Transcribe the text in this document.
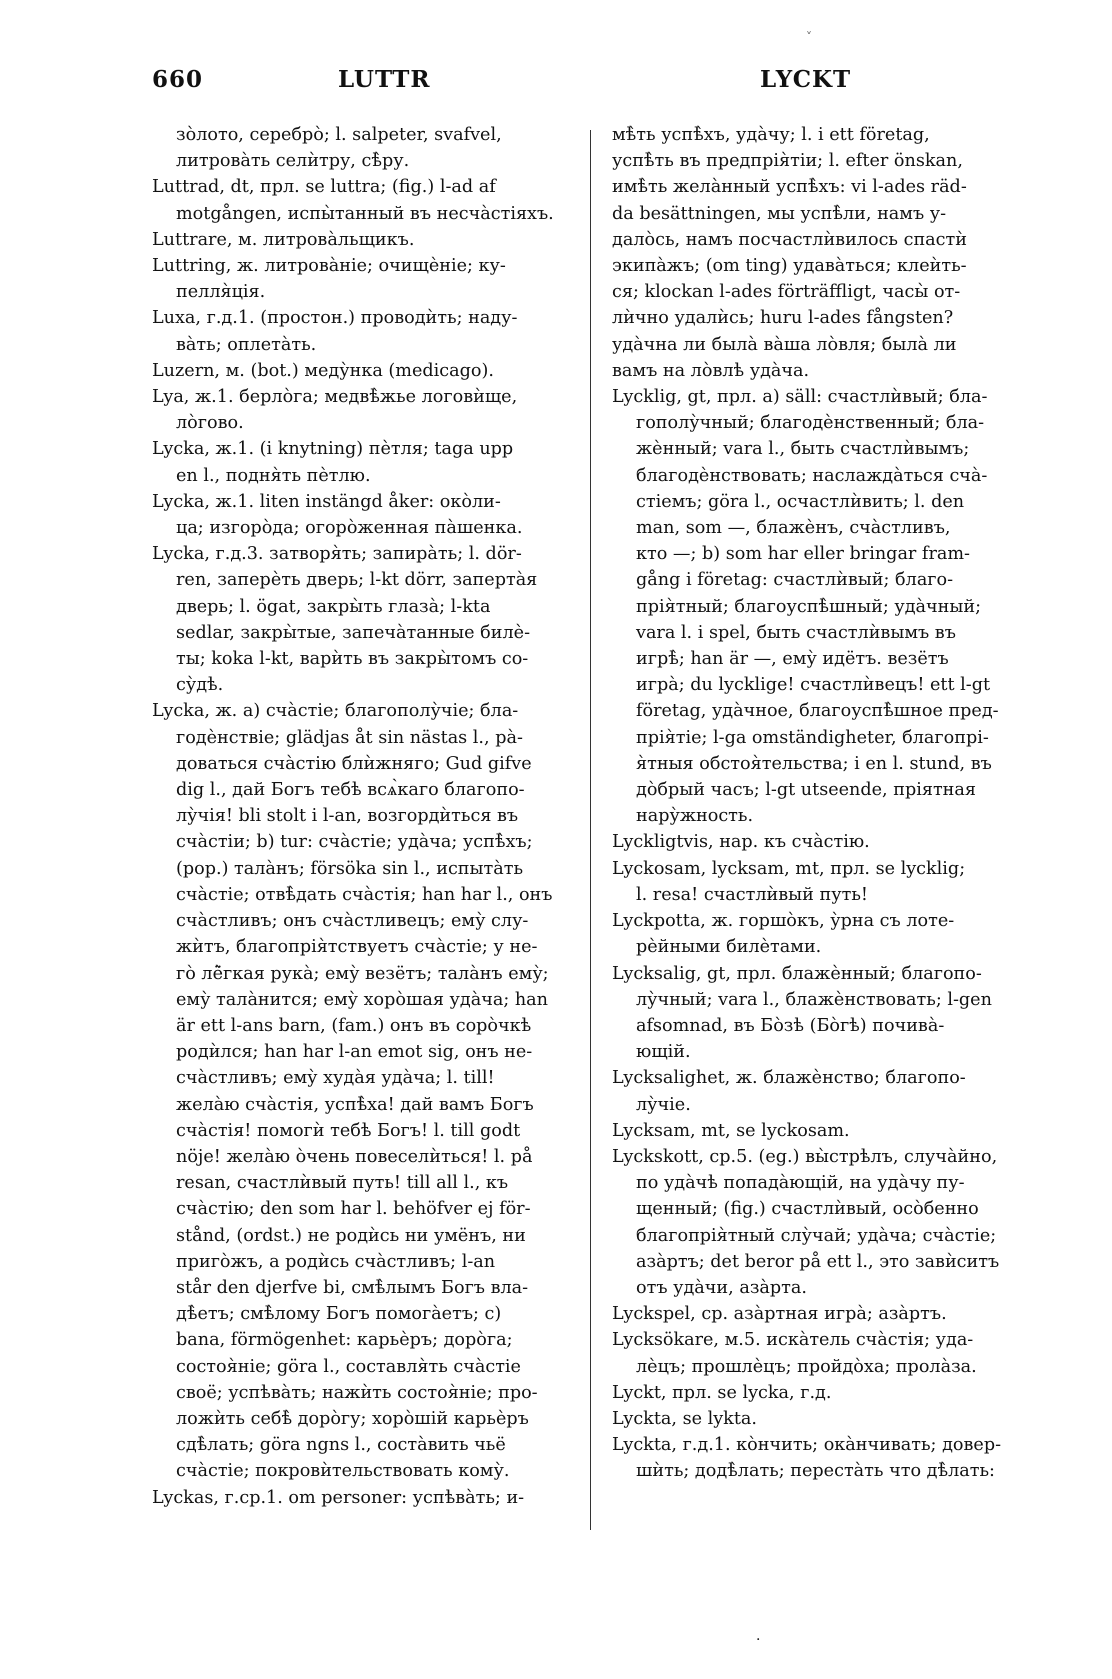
˅
660	LUTTR	LYCKT
зо̀лото, серебро̀; l. salpeter, svafvel,
литрова̀ть селѝтру, сѣ̀ру.
Luttrad, dt, прл. se luttra; (fig.) l-ad af
motgången, испы̀танный въ несча̀стіяхъ.
Luttrare, м. литрова̀льщикъ.
Luttring, ж. литрова̀ніе; очищѐніе; ку-
пелля̀ція.
Luxa, г.д.1. (простон.) проводѝть; наду-
ва̀ть; оплета̀ть.
Luzern, м. (bot.) меду̀нка (medicago).
Lya, ж.1. берло̀га; медвѣ̀жье логовѝще,
ло̀гово.
Lycka, ж.1. (i knytning) пѐтля; taga upp
en l., подня̀ть пѐтлю.
Lycka, ж.1. liten instängd åker: око̀ли-
ца; изгоро̀да; огоро̀женная па̀шенка.
Lycka, г.д.3. затворя̀ть; запира̀ть; l. dör-
ren, заперѐть дверь; l-kt dörr, заперта̀я
дверь; l. ögat, закры̀ть глаза̀; l-kta
sedlar, закры̀тые, запеча̀танные билѐ-
ты; koka l-kt, варѝть въ закры̀томъ со-
су̀дѣ.
Lycka, ж. a) сча̀стіе; благополу̀чіе; бла-
годѐнствіе; glädjas åt sin nästas l., ра̀-
доваться сча̀стію блѝжняго; Gud gifve
dig l., дай Богъ тебѣ всѧ̀каго благопо-
лу̀чія! bli stolt i l-an, возгордѝться въ
сча̀стіи; b) tur: сча̀стіе; уда̀ча; успѣ̀хъ;
(pop.) тала̀нъ; försöka sin l., испыта̀ть
сча̀стіе; отвѣ̀дать сча̀стія; han har l., онъ
сча̀стливъ; онъ сча̀стливецъ; ему̀ слу-
жѝтъ, благопрія̀тствуетъ сча̀стіе; у не-
го̀ лё̀гкая рука̀; ему̀ везётъ; тала̀нъ ему̀;
ему̀ тала̀нится; ему̀ хоро̀шая уда̀ча; han
är ett l-ans barn, (fam.) онъ въ соро̀чкѣ
родѝлся; han har l-an emot sig, онъ не-
сча̀стливъ; ему̀ худа̀я уда̀ча; l. till!
жела̀ю сча̀стія, успѣ̀ха! дай вамъ Богъ
сча̀стія! помогѝ тебѣ Богъ! l. till godt
nöje! жела̀ю о̀чень повеселѝться! l. på
resan, счастлѝвый путь! till all l., къ
сча̀стію; den som har l. behöfver ej för-
stånd, (ordst.) не родѝсь ни умёнъ, ни
приго̀жъ, а родѝсь сча̀стливъ; l-an
står den djerfve bi, смѣ̀лымъ Богъ вла-
дѣ̀етъ; смѣ̀лому Богъ помога̀етъ; c)
bana, förmögenhet: карьѐръ; доро̀га;
состоя̀ніе; göra l., составля̀ть сча̀стіе
своё; успѣва̀ть; нажѝть состоя̀ніе; про-
ложѝть себѣ̀ доро̀гу; хоро̀шій карьѐръ
сдѣ̀лать; göra ngns l., соста̀вить чьё
сча̀стіе; покровѝтельствовать кому̀.
Lyckas, г.ср.1. om personer: успѣва̀ть; и-
мѣ̀ть успѣ̀хъ, уда̀чу; l. i ett företag,
успѣ̀ть въ предпрія̀тіи; l. efter önskan,
имѣ̀ть жела̀нный успѣ̀хъ: vi l-ades räd-
da besättningen, мы успѣ̀ли, намъ у-
дало̀сь, намъ посчастлѝвилось спастѝ
экипа̀жъ; (om ting) удава̀ться; клеѝть-
ся; klockan l-ades förträffligt, часы̀ от-
лѝчно удалѝсь; huru l-ades fångsten?
уда̀чна ли была̀ ва̀ша ло̀вля; была̀ ли
вамъ на ло̀влѣ уда̀ча.
Lycklig, gt, прл. a) säll: счастлѝвый; бла-
гополу̀чный; благодѐнственный; бла-
жѐнный; vara l., быть счастлѝвымъ;
благодѐнствовать; наслажда̀ться сча̀-
стіемъ; göra l., осчастлѝвить; l. den
man, som —, блажѐнъ, сча̀стливъ,
кто —; b) som har eller bringar fram-
gång i företag: счастлѝвый; благо-
прія̀тный; благоуспѣ̀шный; уда̀чный;
vara l. i spel, быть счастлѝвымъ въ
игрѣ̀; han är —, ему̀ идётъ. везётъ
игра̀; du lycklige! счастлѝвецъ! ett l-gt
företag, уда̀чное, благоуспѣ̀шное пред-
прія̀тіе; l-ga omständigheter, благопрі-
я̀тныя обстоя̀тельства; i en l. stund, въ
до̀брый часъ; l-gt utseende, пріятная
нару̀жность.
Lyckligtvis, нар. къ сча̀стію.
Lyckosam, lycksam, mt, прл. se lycklig;
l. resa! счастлѝвый путь!
Lyckpotta, ж. горшо̀къ, у̀рна съ лоте-
рѐйными билѐтами.
Lycksalig, gt, прл. блажѐнный; благопо-
лу̀чный; vara l., блажѐнствовать; l-gen
afsomnad, въ Бо̀зѣ (Бо̀гѣ) почива̀-
ющій.
Lycksalighet, ж. блажѐнство; благопо-
лу̀чіе.
Lycksam, mt, se lyckosam.
Lyckskott, ср.5. (eg.) вы̀стрѣлъ, случа̀йно,
по уда̀чѣ попада̀ющій, на уда̀чу пу-
щенный; (fig.) счастлѝвый, осо̀бенно
благопрія̀тный слу̀чай; уда̀ча; сча̀стіе;
аза̀ртъ; det beror på ett l., это завѝситъ
отъ уда̀чи, аза̀рта.
Lyckspel, ср. аза̀ртная игра̀; аза̀ртъ.
Lycksökare, м.5. иска̀тель сча̀стія; уда-
лѐцъ; прошлѐцъ; пройдо̀ха; прола̀за.
Lyckt, прл. se lycka, г.д.
Lyckta, se lykta.
Lyckta, г.д.1. ко̀нчить; ока̀нчивать; довер-
шѝть; додѣ̀лать; переста̀ть что дѣ̀лать:
·
